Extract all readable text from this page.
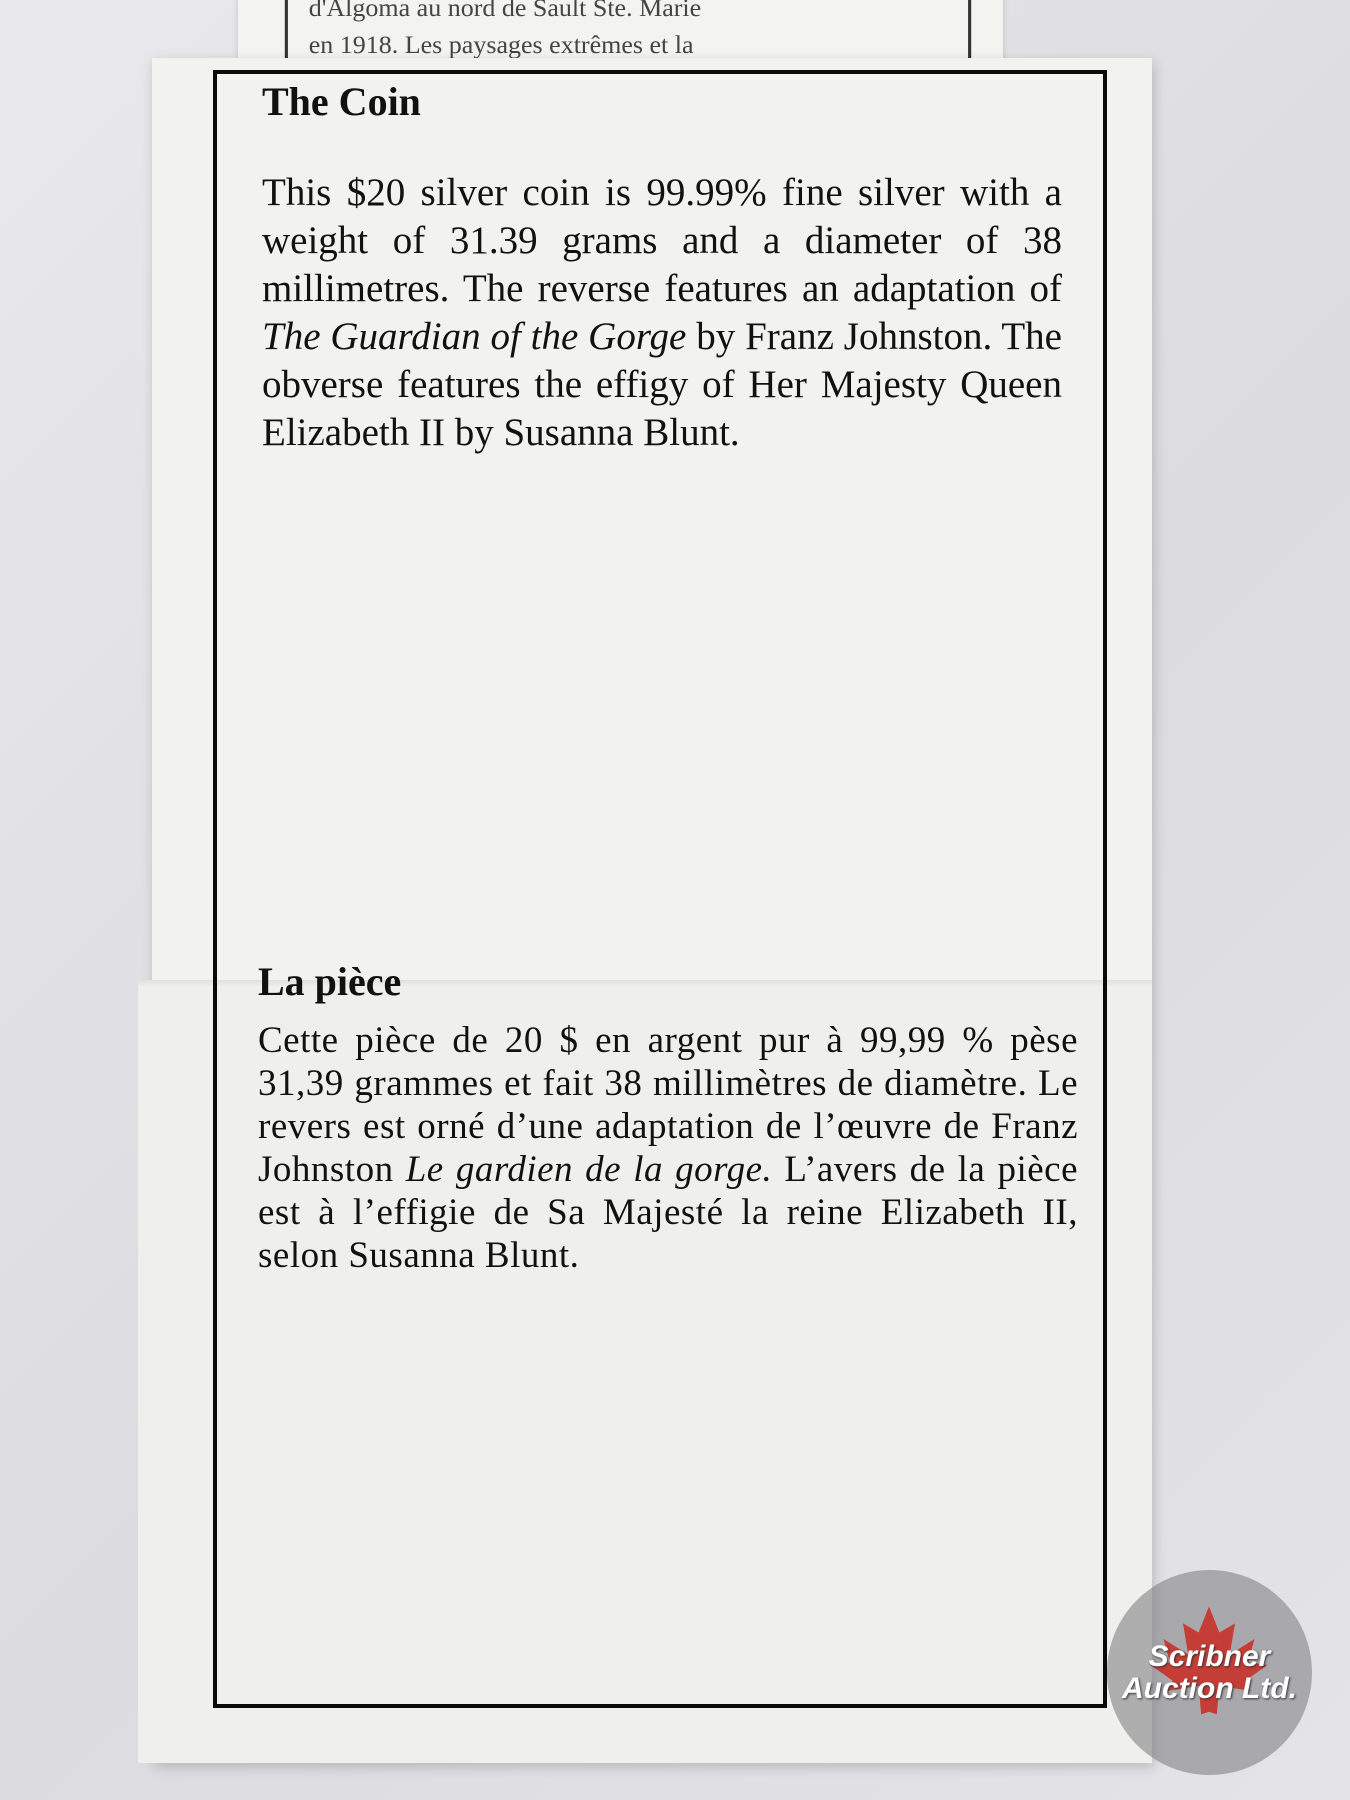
d'Algoma au nord de Sault Ste. Marie
en 1918. Les paysages extrêmes et la
The Coin
This $20 silver coin is 99.99% fine silver with a weight of 31.39 grams and a diameter of 38 millimetres. The reverse features an adaptation of The Guardian of the Gorge by Franz Johnston. The obverse features the effigy of Her Majesty Queen Elizabeth II by Susanna Blunt.
La pièce
Cette pièce de 20 $ en argent pur à 99,99 % pèse 31,39 grammes et fait 38 millimètres de diamètre. Le revers est orné d’une adaptation de l’œuvre de Franz Johnston Le gardien de la gorge. L’avers de la pièce est à l’effigie de Sa Majesté la reine Elizabeth II, selon Susanna Blunt.
Scribner
Auction Ltd.
